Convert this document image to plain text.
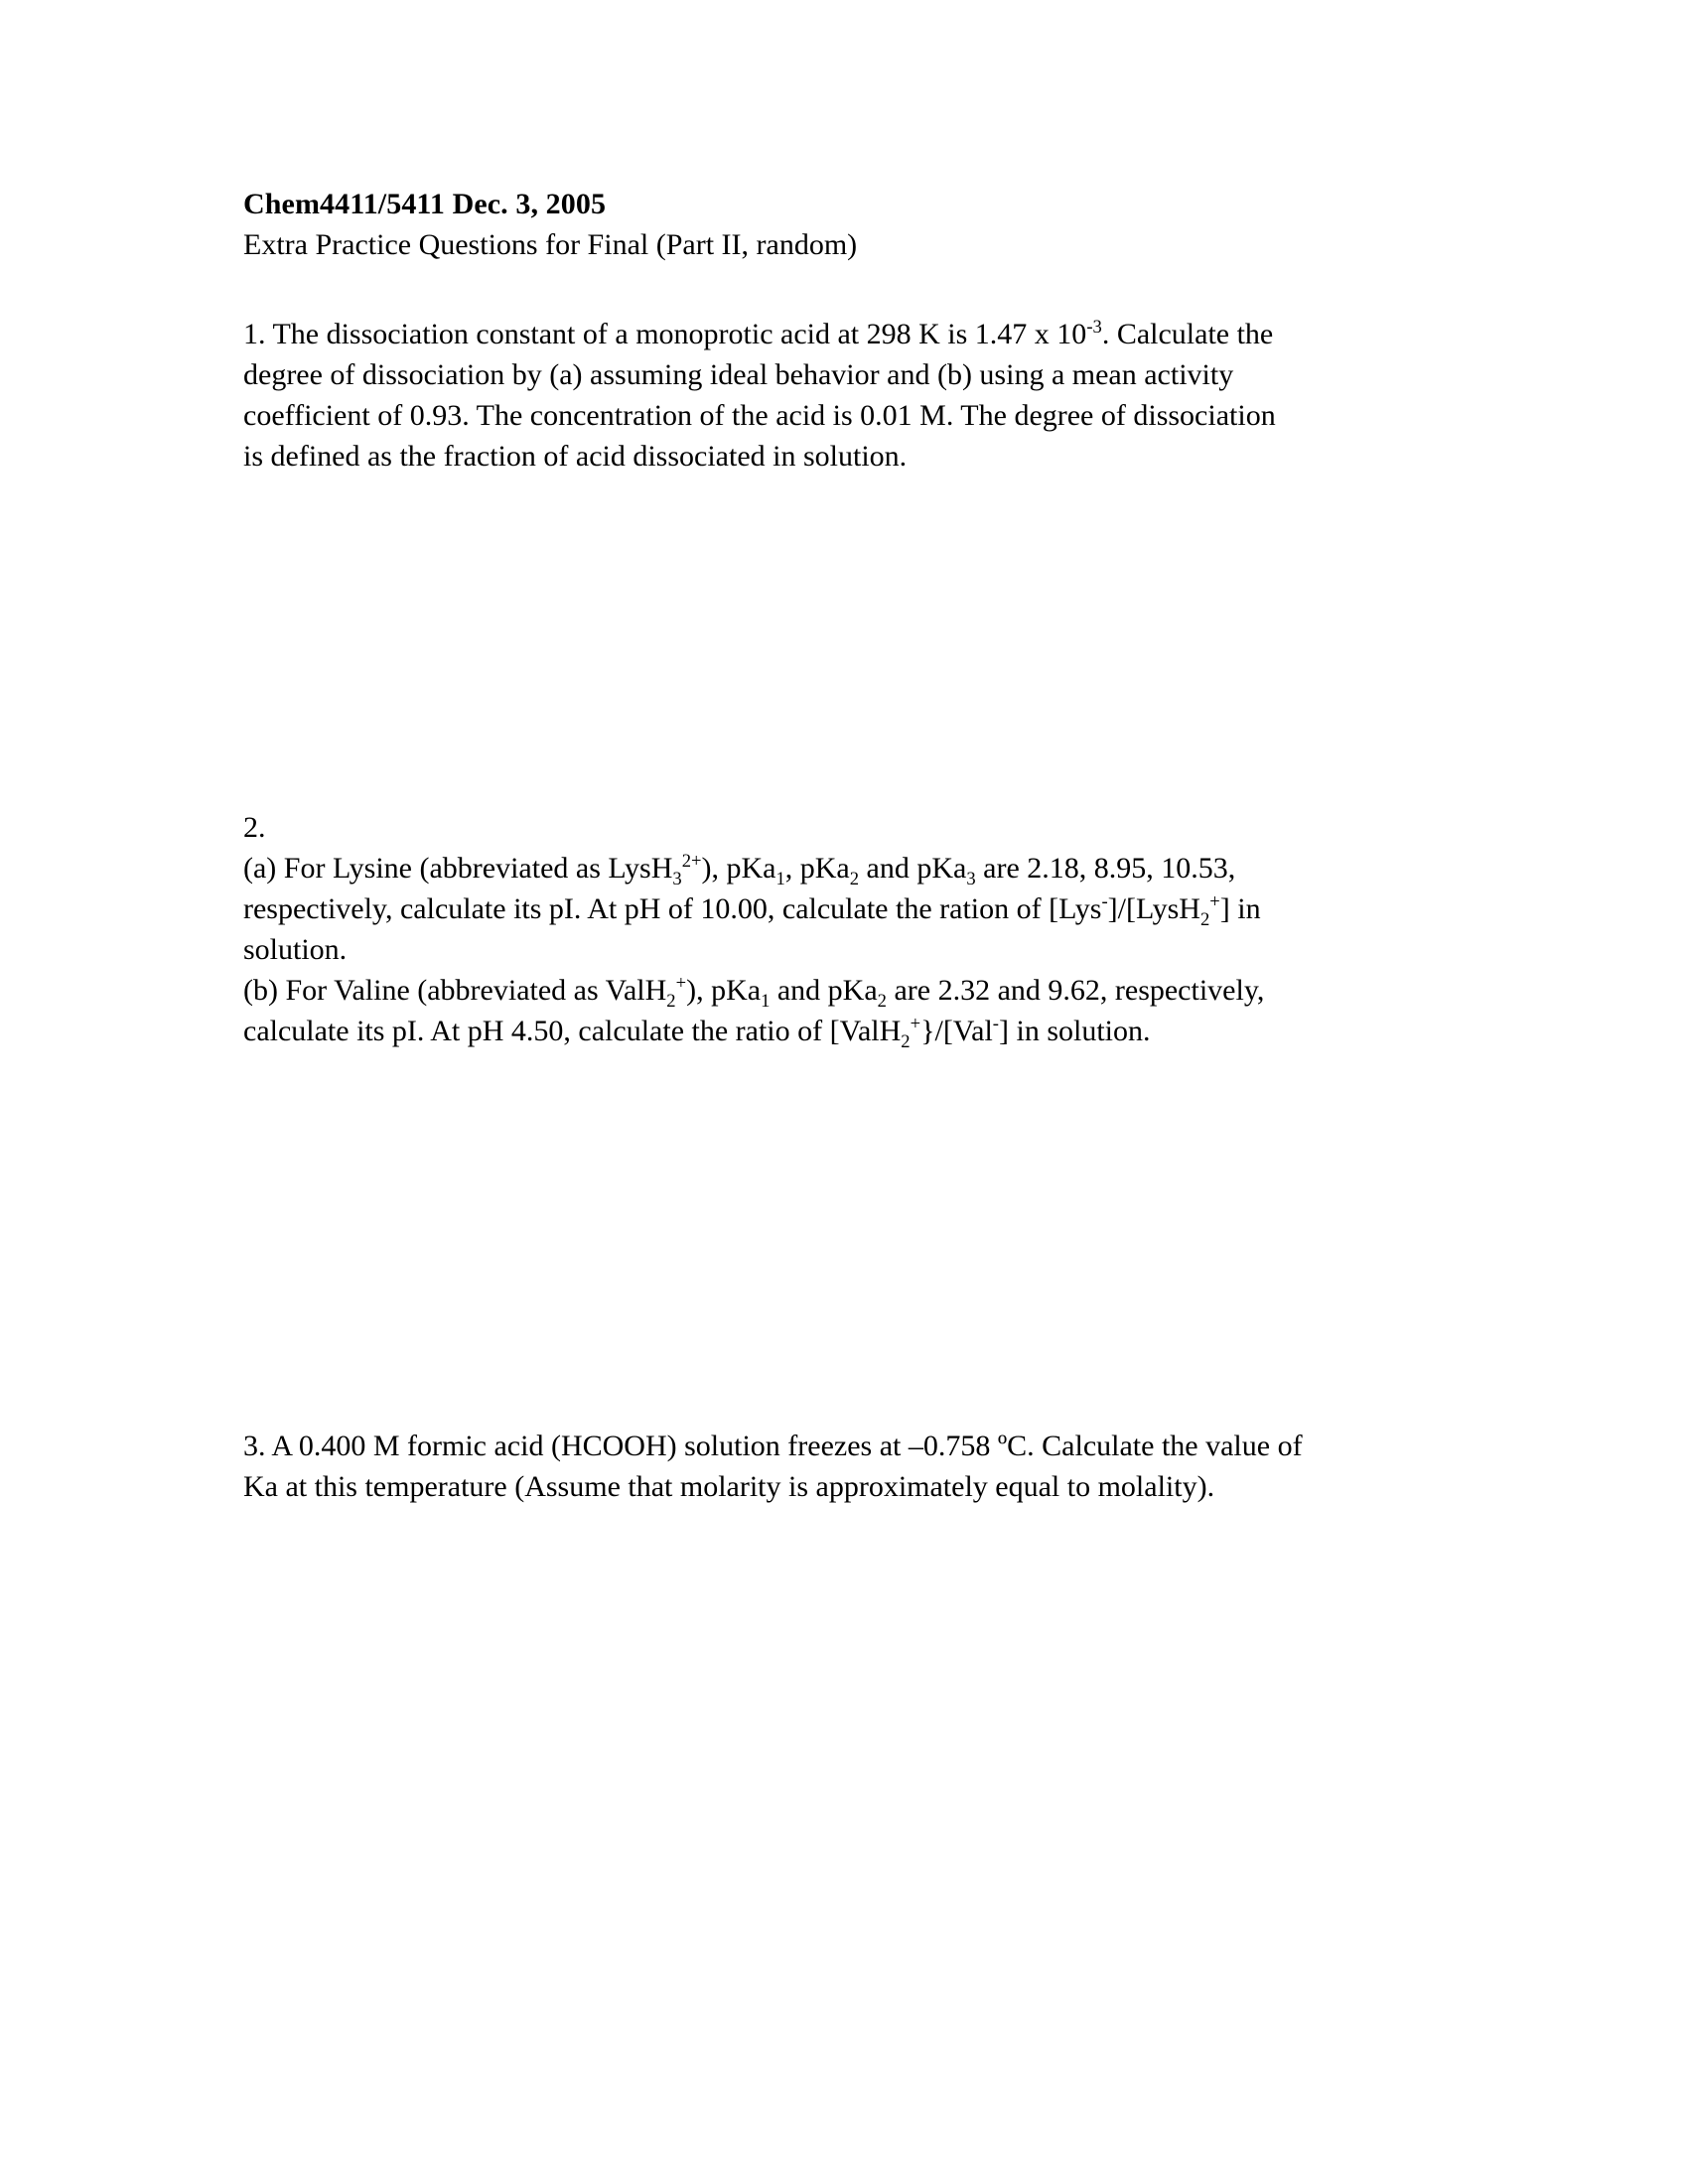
Chem4411/5411 Dec. 3, 2005
Extra Practice Questions for Final (Part II, random)
1. The dissociation constant of a monoprotic acid at 298 K is 1.47 x $10^{-3}$. Calculate the
degree of dissociation by (a) assuming ideal behavior and (b) using a mean activity
coefficient of 0.93. The concentration of the acid is 0.01 M. The degree of dissociation
is defined as the fraction of acid dissociated in solution.
2.
(a) For Lysine (abbreviated as LysH$_3^{2+}$), pKa$_1$, pKa$_2$ and pKa$_3$ are 2.18, 8.95, 10.53,
respectively, calculate its pI. At pH of 10.00, calculate the ration of [Lys-]/[LysH$_2$+] in
solution.
(b) For Valine (abbreviated as ValH$_2$+), pKa$_1$ and pKa$_2$ are 2.32 and 9.62, respectively,
calculate its pI. At pH 4.50, calculate the ratio of [ValH$_2$+}/[Val-] in solution.
3. A 0.400 M formic acid (HCOOH) solution freezes at –0.758 ºC. Calculate the value of
Ka at this temperature (Assume that molarity is approximately equal to molality).
